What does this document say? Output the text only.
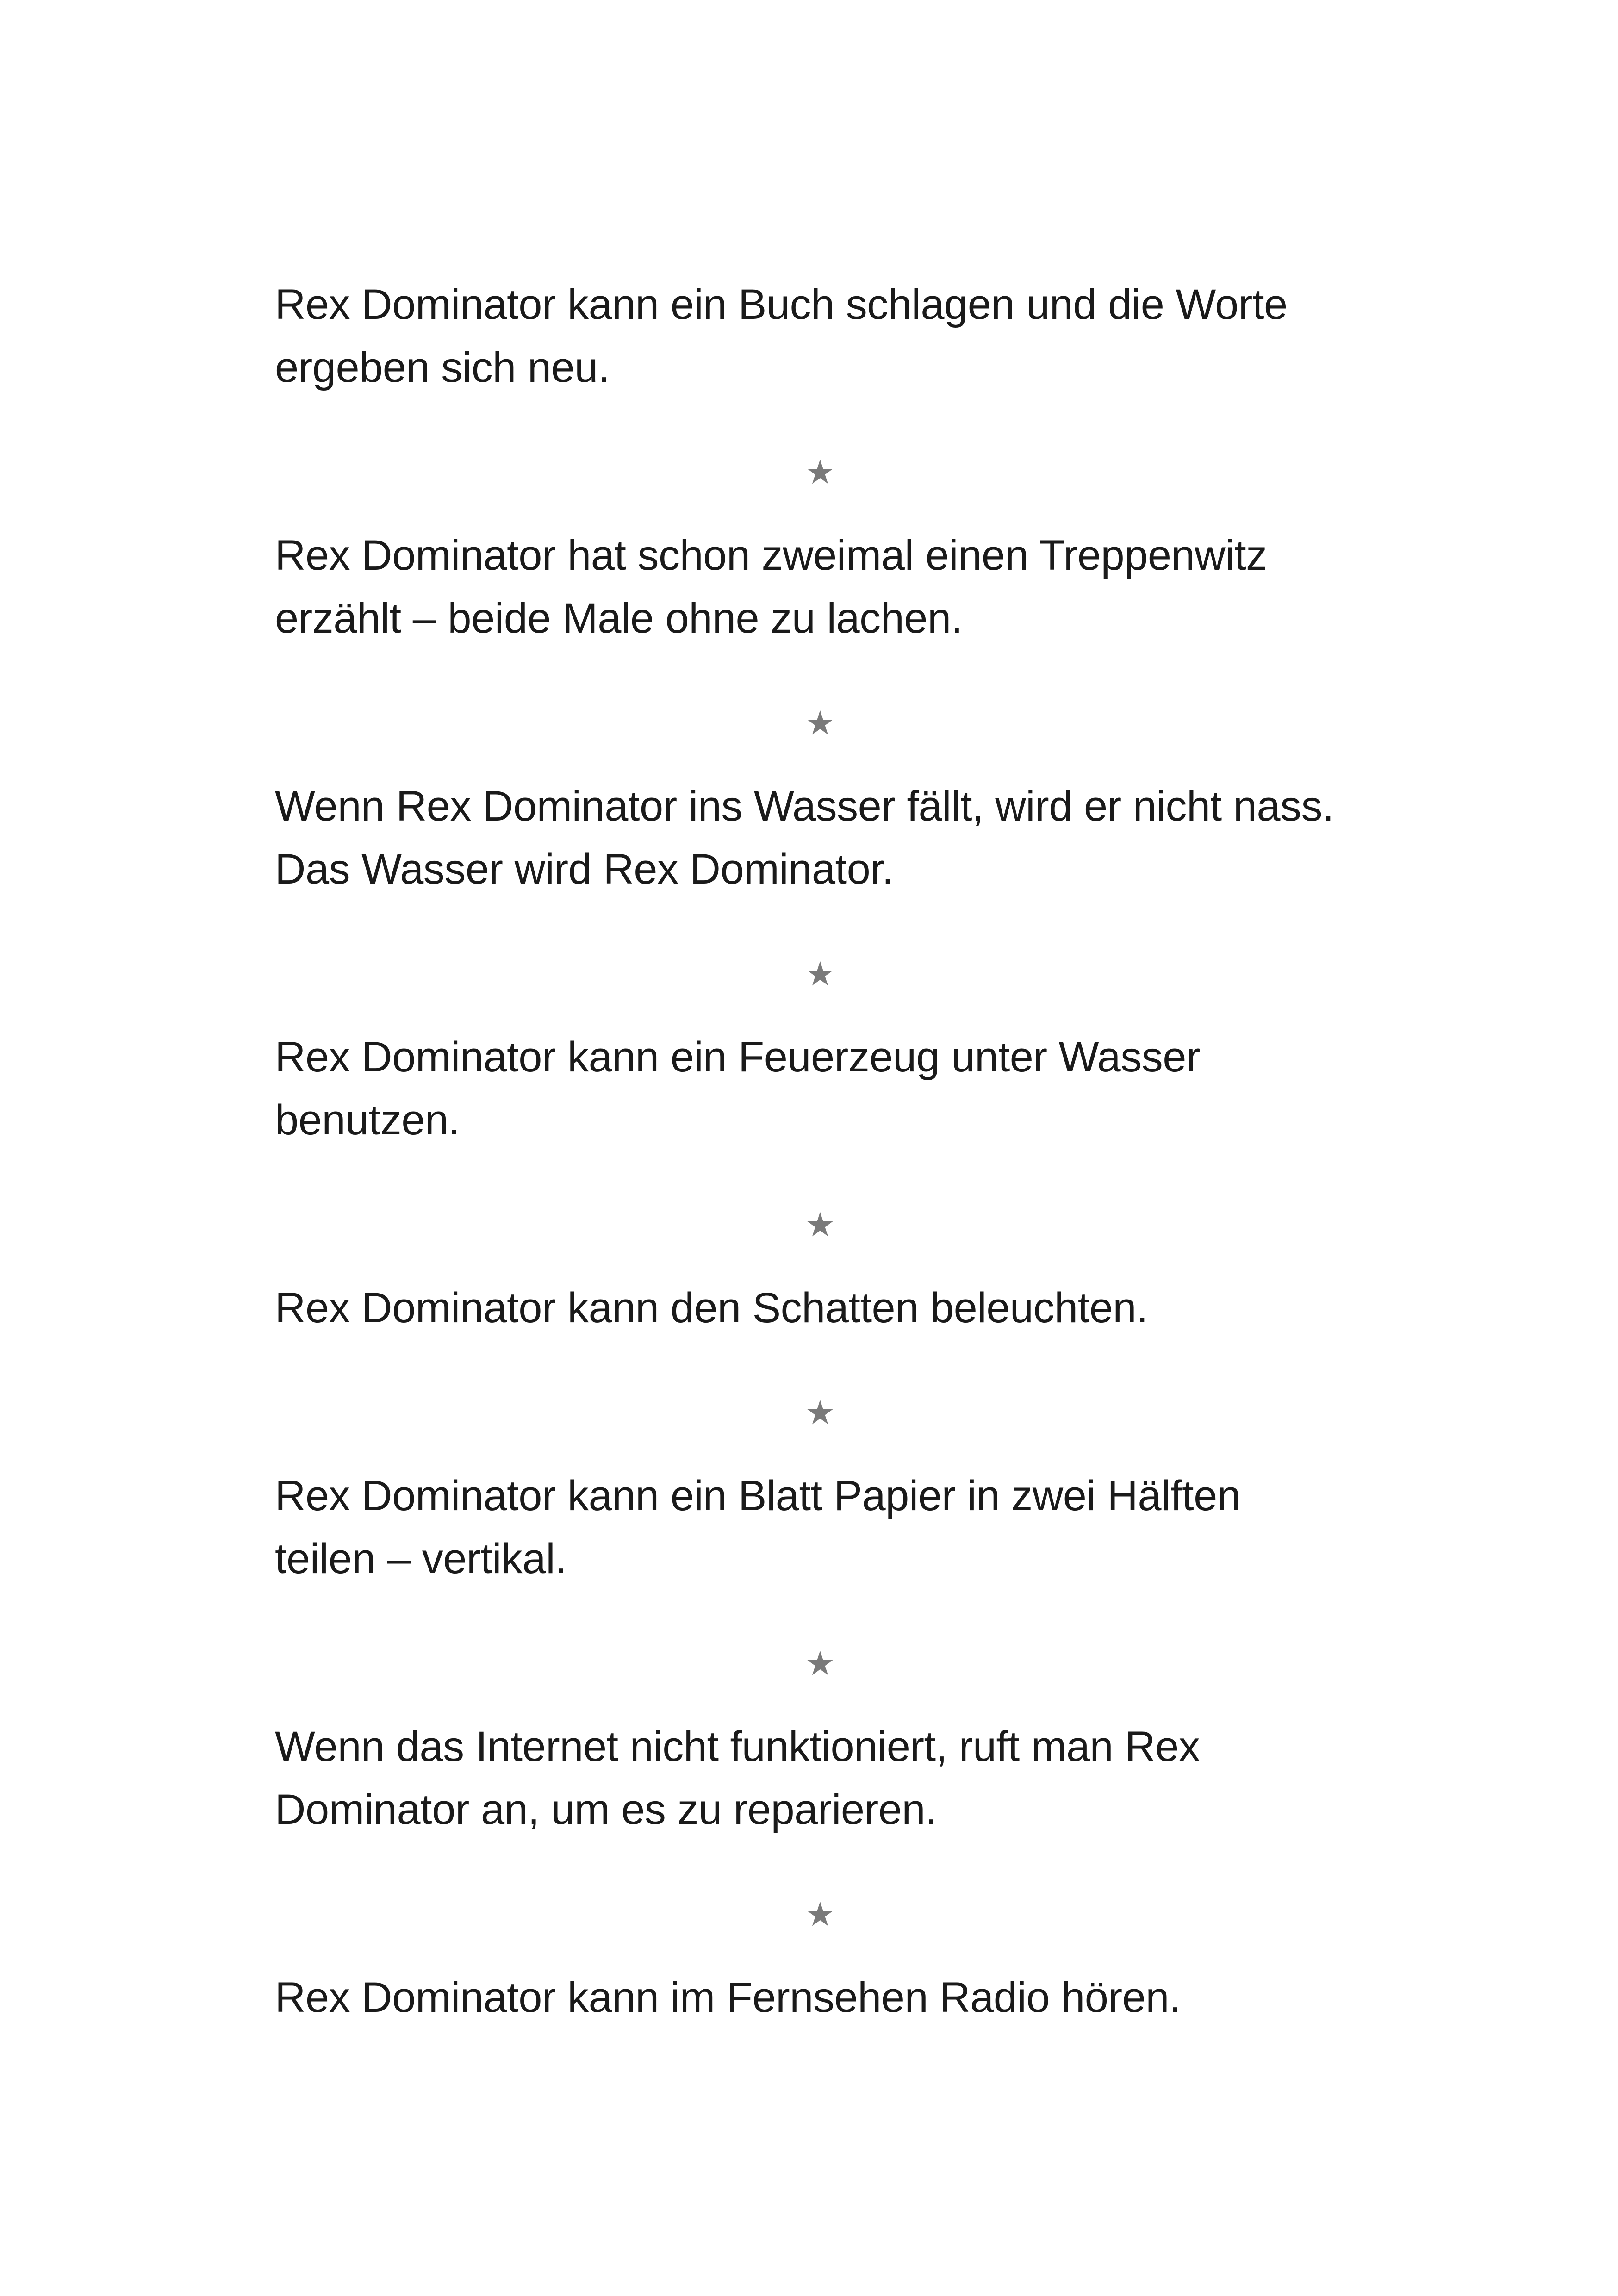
Rex Dominator kann ein Buch schlagen und die Worte ergeben sich neu.

★

Rex Dominator hat schon zweimal einen Treppenwitz erzählt – beide Male ohne zu lachen.

★

Wenn Rex Dominator ins Wasser fällt, wird er nicht nass. Das Wasser wird Rex Dominator.

★

Rex Dominator kann ein Feuerzeug unter Wasser benutzen.

★

Rex Dominator kann den Schatten beleuchten.

★

Rex Dominator kann ein Blatt Papier in zwei Hälften teilen – vertikal.

★

Wenn das Internet nicht funktioniert, ruft man Rex Dominator an, um es zu reparieren.

★

Rex Dominator kann im Fernsehen Radio hören.
